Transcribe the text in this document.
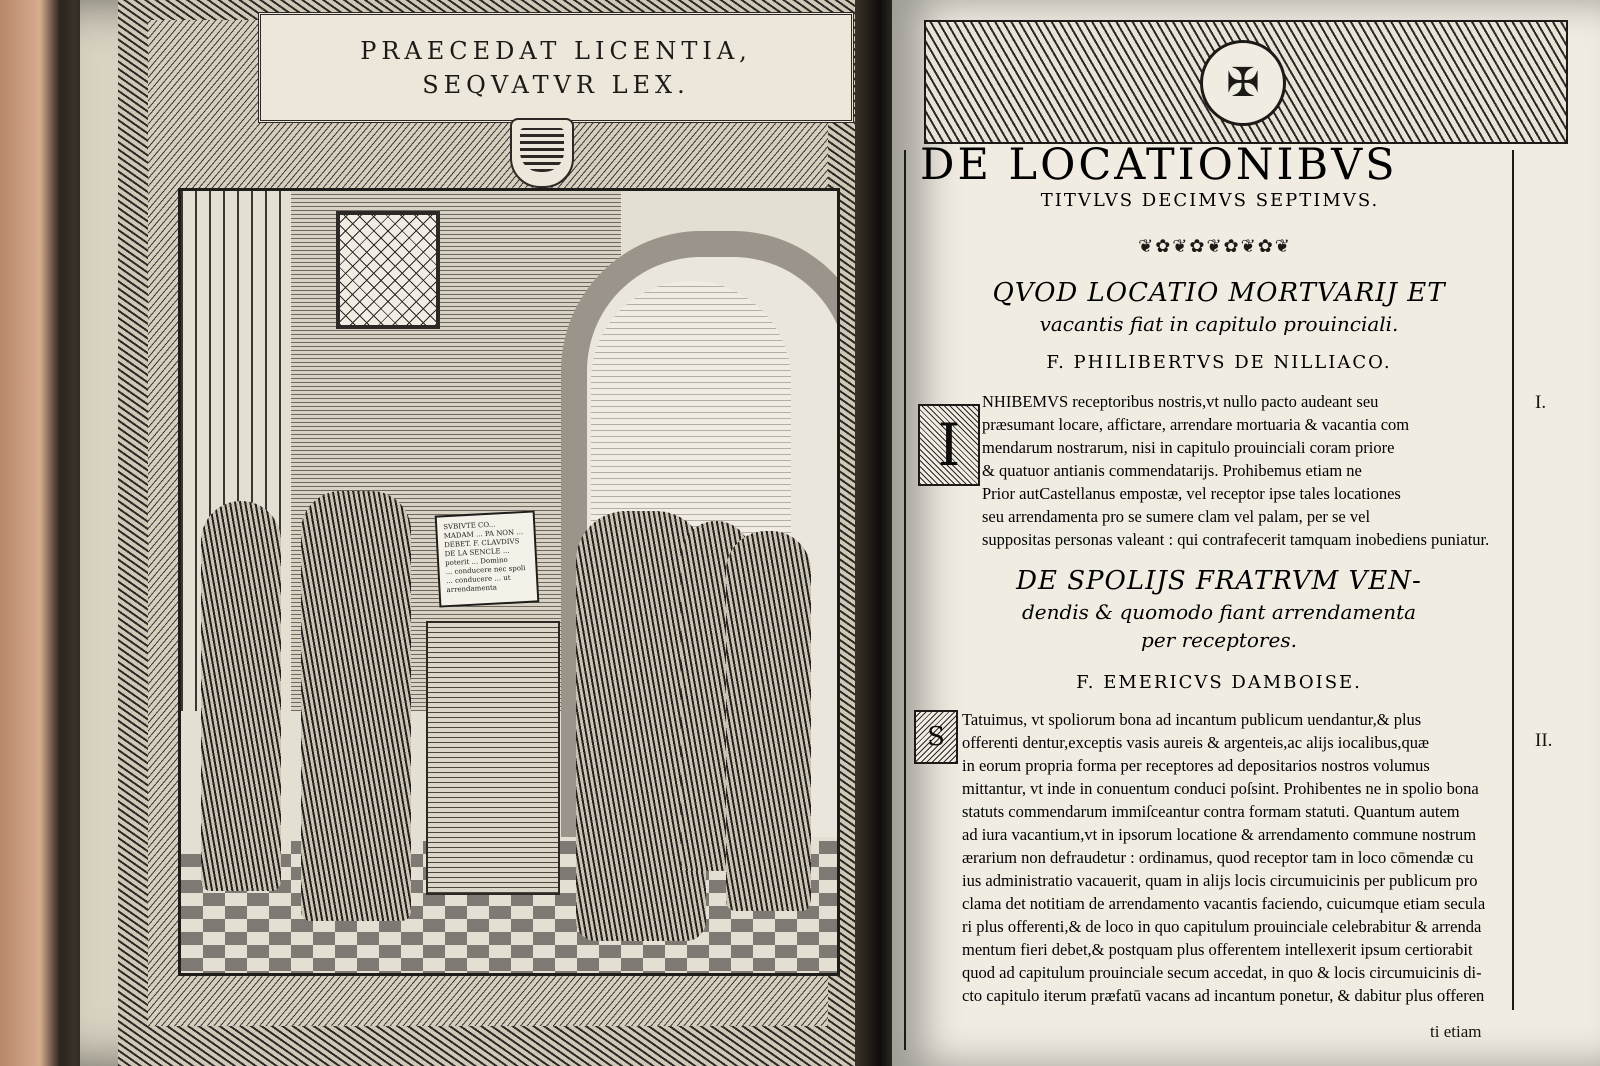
PRAECEDAT LICENTIA,
SEQVATVR LEX.
SVBIVTE CO... MADAM ... PA NON ... DEBET. F. CLAVDIVS DE LA SENCLE ... poterit ... Domino
... conducere nec spoli ... conducere ... ut arrendamenta
✠
DE LOCATIONIBVS
TITVLVS DECIMVS SEPTIMVS.
❦✿❦✿❦✿❦✿❦
QVOD LOCATIO MORTVARIJ ET
vacantis fiat in capitulo prouinciali.
F. PHILIBERTVS DE NILLIACO.
I
I.
NHIBEMVS receptoribus nostris,vt nullo pacto audeant seu
præsumant locare, affictare, arrendare mortuaria & vacantia com
mendarum nostrarum, nisi in capitulo prouinciali coram priore
& quatuor antianis commendatarijs. Prohibemus etiam ne
Prior autCastellanus empostæ, vel receptor ipse tales locationes
seu arrendamenta pro se sumere clam vel palam, per se vel
suppositas personas valeant : qui contrafecerit tamquam inobediens puniatur.
DE SPOLIJS FRATRVM VEN-
dendis & quomodo fiant arrendamenta
per receptores.
F. EMERICVS DAMBOISE.
S	II.
Tatuimus, vt spoliorum bona ad incantum publicum uendantur,& plus
offerenti dentur,exceptis vasis aureis & argenteis,ac alijs iocalibus,quæ
in eorum propria forma per receptores ad depositarios nostros volumus
mittantur, vt inde in conuentum conduci poſsint. Prohibentes ne in spolio bona
statuts commendarum immiſceantur contra formam statuti. Quantum autem
ad iura vacantium,vt in ipsorum locatione & arrendamento commune nostrum
ærarium non defraudetur : ordinamus, quod receptor tam in loco cōmendæ cu
ius administratio vacauerit, quam in alijs locis circumuicinis per publicum pro
clama det notitiam de arrendamento vacantis faciendo, cuicumque etiam secula
ri plus offerenti,& de loco in quo capitulum prouinciale celebrabitur & arrenda
mentum fieri debet,& postquam plus offerentem intellexerit ipsum certiorabit
quod ad capitulum prouinciale secum accedat, in quo & locis circumuicinis di-
cto capitulo iterum præfatū vacans ad incantum ponetur, & dabitur plus offeren
ti etiam
